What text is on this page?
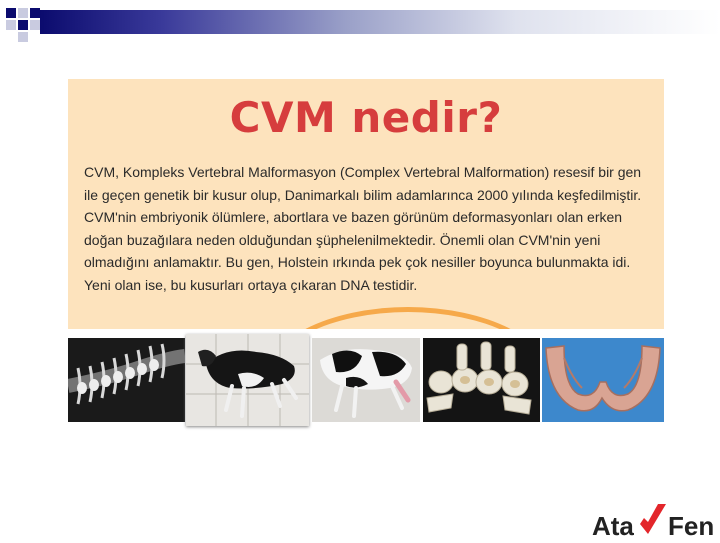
CVM nedir?
CVM, Kompleks Vertebral Malformasyon (Complex Vertebral Malformation) resesif bir gen ile geçen genetik bir kusur olup, Danimarkalı bilim adamlarınca 2000 yılında keşfedilmiştir. CVM'nin embriyonik ölümlere, abortlara ve bazen görünüm deformasyonları olan erken doğan buzağılara neden olduğundan şüphelenilmektedir. Önemli olan CVM'nin yeni olmadığını anlamaktır. Bu gen, Holstein ırkında pek çok nesiller boyunca bulunmakta idi. Yeni olan ise, bu kusurları ortaya çıkaran DNA testidir.
Ata Fen
